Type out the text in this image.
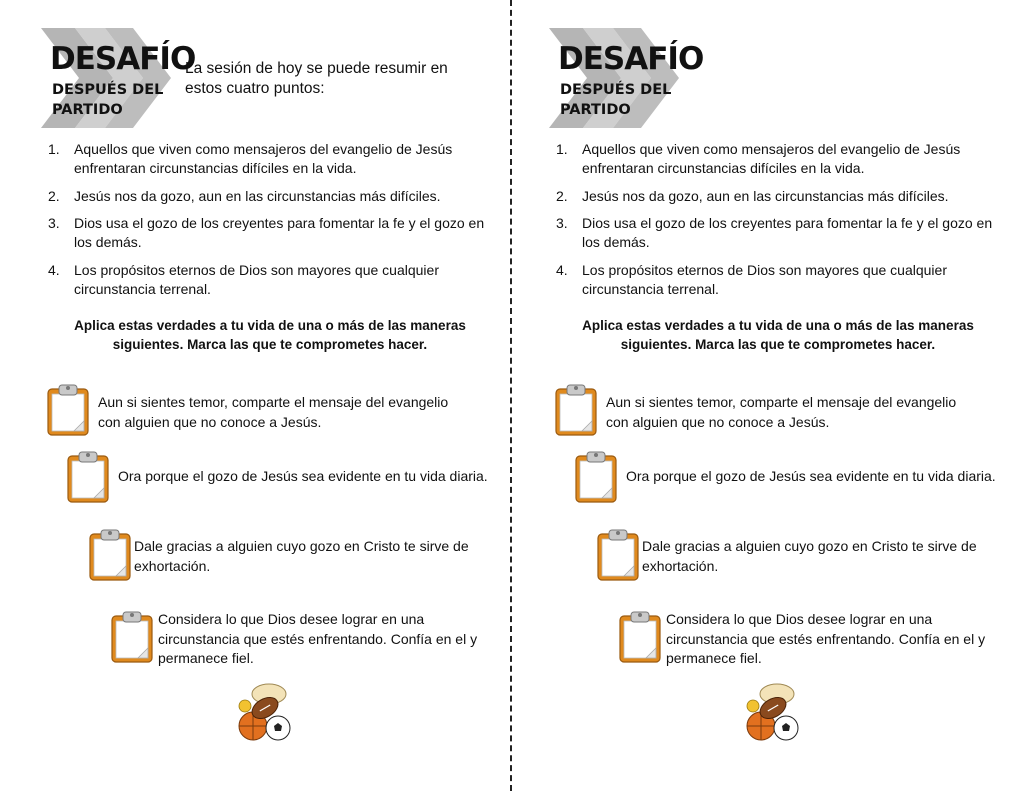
DESAFÍO
DESPUÉS DEL
PARTIDO
La sesión de hoy se puede resumir en estos cuatro puntos:
1. Aquellos que viven como mensajeros del evangelio de Jesús enfrentaran circunstancias difíciles en la vida.
2. Jesús nos da gozo, aun en las circunstancias más difíciles.
3. Dios usa el gozo de los creyentes para fomentar la fe y el gozo en los demás.
4. Los propósitos eternos de Dios son mayores que cualquier circunstancia terrenal.
Aplica estas verdades a tu vida de una o más de las maneras siguientes. Marca las que te comprometes hacer.
Aun si sientes temor, comparte el mensaje del evangelio con alguien que no conoce a Jesús.
Ora porque el gozo de Jesús sea evidente en tu vida diaria.
Dale gracias a alguien cuyo gozo en Cristo te sirve de exhortación.
Considera lo que Dios desee lograr en una circunstancia que estés enfrentando. Confía en el y permanece fiel.
DESAFÍO
DESPUÉS DEL
PARTIDO
1. Aquellos que viven como mensajeros del evangelio de Jesús enfrentaran circunstancias difíciles en la vida.
2. Jesús nos da gozo, aun en las circunstancias más difíciles.
3. Dios usa el gozo de los creyentes para fomentar la fe y el gozo en los demás.
4. Los propósitos eternos de Dios son mayores que cualquier circunstancia terrenal.
Aplica estas verdades a tu vida de una o más de las maneras siguientes. Marca las que te comprometes hacer.
Aun si sientes temor, comparte el mensaje del evangelio con alguien que no conoce a Jesús.
Ora porque el gozo de Jesús sea evidente en tu vida diaria.
Dale gracias a alguien cuyo gozo en Cristo te sirve de exhortación.
Considera lo que Dios desee lograr en una circunstancia que estés enfrentando. Confía en el y permanece fiel.
